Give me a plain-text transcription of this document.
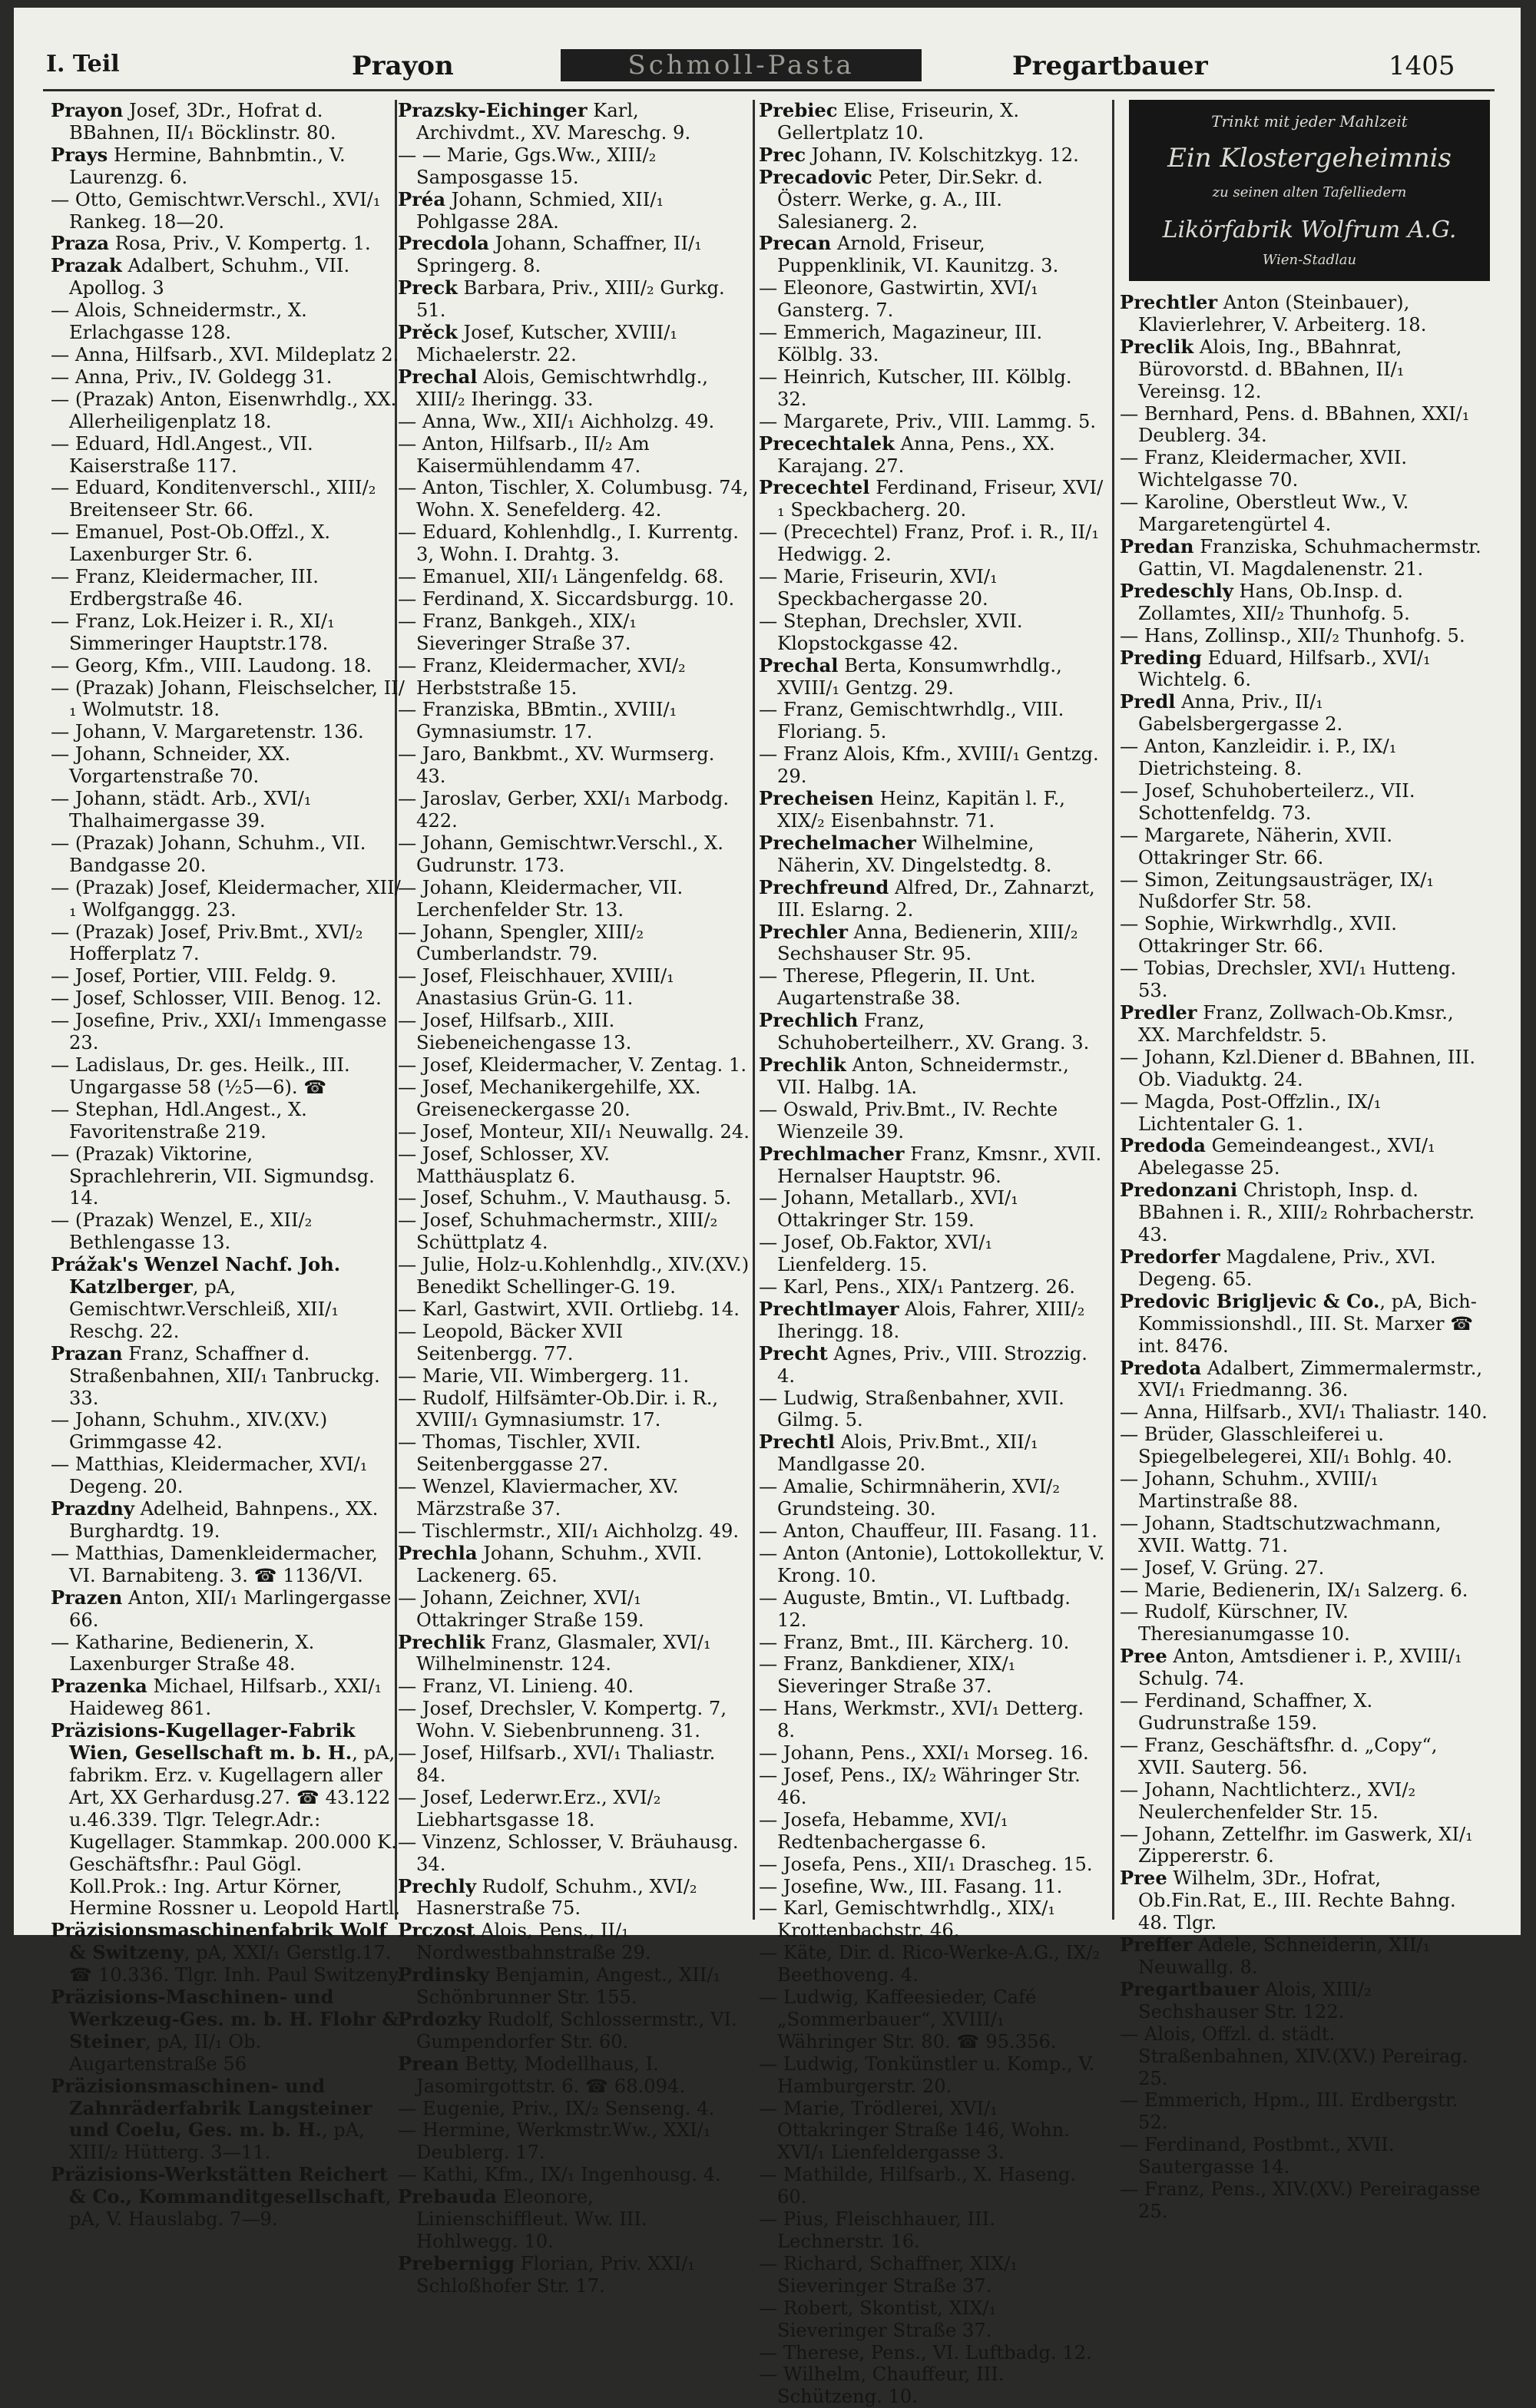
I. Teil	Prayon	Schmoll-Pasta	Pregartbauer	1405

Prayon Josef, 3Dr., Hofrat d. BBahnen, II/₁ Böcklinstr. 80.

Prays Hermine, Bahnbmtin., V. Laurenzg. 6.

— Otto, Gemischtwr.Verschl., XVI/₁ Rankeg. 18—20.

Praza Rosa, Priv., V. Kompertg. 1.

Prazak Adalbert, Schuhm., VII. Apollog. 3

— Alois, Schneidermstr., X. Erlachgasse 128.

— Anna, Hilfsarb., XVI. Mildeplatz 2.

— Anna, Priv., IV. Goldegg 31.

— (Prazak) Anton, Eisenwrhdlg., XX. Allerheiligenplatz 18.

— Eduard, Hdl.Angest., VII. Kaiserstraße 117.

— Eduard, Konditenverschl., XIII/₂ Breitenseer Str. 66.

— Emanuel, Post-Ob.Offzl., X. Laxenburger Str. 6.

— Franz, Kleidermacher, III. Erdbergstraße 46.

— Franz, Lok.Heizer i. R., XI/₁ Simmeringer Hauptstr.178.

— Georg, Kfm., VIII. Laudong. 18.

— (Prazak) Johann, Fleischselcher, II/₁ Wolmutstr. 18.

— Johann, V. Margaretenstr. 136.

— Johann, Schneider, XX. Vorgartenstraße 70.

— Johann, städt. Arb., XVI/₁ Thalhaimergasse 39.

— (Prazak) Johann, Schuhm., VII. Bandgasse 20.

— (Prazak) Josef, Kleidermacher, XII/₁ Wolfganggg. 23.

— (Prazak) Josef, Priv.Bmt., XVI/₂ Hofferplatz 7.

— Josef, Portier, VIII. Feldg. 9.

— Josef, Schlosser, VIII. Benog. 12.

— Josefine, Priv., XXI/₁ Immengasse 23.

— Ladislaus, Dr. ges. Heilk., III. Ungargasse 58 (½5—6). ☎

— Stephan, Hdl.Angest., X. Favoritenstraße 219.

— (Prazak) Viktorine, Sprachlehrerin, VII. Sigmundsg. 14.

— (Prazak) Wenzel, E., XII/₂ Bethlengasse 13.

Prážak's Wenzel Nachf. Joh. Katzlberger, pA, Gemischtwr.Verschleiß, XII/₁ Reschg. 22.

Prazan Franz, Schaffner d. Straßenbahnen, XII/₁ Tanbruckg. 33.

— Johann, Schuhm., XIV.(XV.) Grimmgasse 42.

— Matthias, Kleidermacher, XVI/₁ Degeng. 20.

Prazdny Adelheid, Bahnpens., XX. Burghardtg. 19.

— Matthias, Damenkleidermacher, VI. Barnabiteng. 3. ☎ 1136/VI.

Prazen Anton, XII/₁ Marlingergasse 66.

— Katharine, Bedienerin, X. Laxenburger Straße 48.

Prazenka Michael, Hilfsarb., XXI/₁ Haideweg 861.

Präzisions-Kugellager-Fabrik Wien, Gesellschaft m. b. H., pA, fabrikm. Erz. v. Kugellagern aller Art, XX Gerhardusg.27. ☎ 43.122 u.46.339. Tlgr. Telegr.Adr.: Kugellager. Stammkap. 200.000 K. Geschäftsfhr.: Paul Gögl. Koll.Prok.: Ing. Artur Körner, Hermine Rossner u. Leopold Hartl.

Präzisionsmaschinenfabrik Wolf & Switzeny, pA, XXI/₁ Gerstlg.17. ☎ 10.336. Tlgr. Inh. Paul Switzeny.

Präzisions-Maschinen- und Werkzeug-Ges. m. b. H. Flohr & Steiner, pA, II/₁ Ob. Augartenstraße 56

Präzisionsmaschinen- und Zahnräderfabrik Langsteiner und Coelu, Ges. m. b. H., pA, XIII/₂ Hütterg. 3—11.

Präzisions-Werkstätten Reichert & Co., Kommanditgesellschaft, pA, V. Hauslabg. 7—9.

Prazsky-Eichinger Karl, Archivdmt., XV. Mareschg. 9.

— — Marie, Ggs.Ww., XIII/₂ Samposgasse 15.

Préa Johann, Schmied, XII/₁ Pohlgasse 28A.

Precdola Johann, Schaffner, II/₁ Springerg. 8.

Preck Barbara, Priv., XIII/₂ Gurkg. 51.

Prěck Josef, Kutscher, XVIII/₁ Michaelerstr. 22.

Prechal Alois, Gemischtwrhdlg., XIII/₂ Iheringg. 33.

— Anna, Ww., XII/₁ Aichholzg. 49.

— Anton, Hilfsarb., II/₂ Am Kaisermühlendamm 47.

— Anton, Tischler, X. Columbusg. 74, Wohn. X. Senefelderg. 42.

— Eduard, Kohlenhdlg., I. Kurrentg. 3, Wohn. I. Drahtg. 3.

— Emanuel, XII/₁ Längenfeldg. 68.

— Ferdinand, X. Siccardsburgg. 10.

— Franz, Bankgeh., XIX/₁ Sieveringer Straße 37.

— Franz, Kleidermacher, XVI/₂ Herbststraße 15.

— Franziska, BBmtin., XVIII/₁ Gymnasiumstr. 17.

— Jaro, Bankbmt., XV. Wurmserg. 43.

— Jaroslav, Gerber, XXI/₁ Marbodg. 422.

— Johann, Gemischtwr.Verschl., X. Gudrunstr. 173.

— Johann, Kleidermacher, VII. Lerchenfelder Str. 13.

— Johann, Spengler, XIII/₂ Cumberlandstr. 79.

— Josef, Fleischhauer, XVIII/₁ Anastasius Grün-G. 11.

— Josef, Hilfsarb., XIII. Siebeneichengasse 13.

— Josef, Kleidermacher, V. Zentag. 1.

— Josef, Mechanikergehilfe, XX. Greiseneckergasse 20.

— Josef, Monteur, XII/₁ Neuwallg. 24.

— Josef, Schlosser, XV. Matthäusplatz 6.

— Josef, Schuhm., V. Mauthausg. 5.

— Josef, Schuhmachermstr., XIII/₂ Schüttplatz 4.

— Julie, Holz-u.Kohlenhdlg., XIV.(XV.) Benedikt Schellinger-G. 19.

— Karl, Gastwirt, XVII. Ortliebg. 14.

— Leopold, Bäcker XVII Seitenbergg. 77.

— Marie, VII. Wimbergerg. 11.

— Rudolf, Hilfsämter-Ob.Dir. i. R., XVIII/₁ Gymnasiumstr. 17.

— Thomas, Tischler, XVII. Seitenberggasse 27.

— Wenzel, Klaviermacher, XV. Märzstraße 37.

— Tischlermstr., XII/₁ Aichholzg. 49.

Prechla Johann, Schuhm., XVII. Lackenerg. 65.

— Johann, Zeichner, XVI/₁ Ottakringer Straße 159.

Prechlik Franz, Glasmaler, XVI/₁ Wilhelminenstr. 124.

— Franz, VI. Linieng. 40.

— Josef, Drechsler, V. Kompertg. 7, Wohn. V. Siebenbrunneng. 31.

— Josef, Hilfsarb., XVI/₁ Thaliastr. 84.

— Josef, Lederwr.Erz., XVI/₂ Liebhartsgasse 18.

— Vinzenz, Schlosser, V. Bräuhausg. 34.

Prechly Rudolf, Schuhm., XVI/₂ Hasnerstraße 75.

Prczost Alois, Pens., II/₁ Nordwestbahnstraße 29.

Prdinsky Benjamin, Angest., XII/₁ Schönbrunner Str. 155.

Prdozky Rudolf, Schlossermstr., VI. Gumpendorfer Str. 60.

Prean Betty, Modellhaus, I. Jasomirgottstr. 6. ☎ 68.094.

— Eugenie, Priv., IX/₂ Senseng. 4.

— Hermine, Werkmstr.Ww., XXI/₁ Deublerg. 17.

— Kathi, Kfm., IX/₁ Ingenhousg. 4.

Prebauda Eleonore, Linienschiffleut. Ww. III. Hohlwegg. 10.

Prebernigg Florian, Priv. XXI/₁ Schloßhofer Str. 17.

Prebiec Elise, Friseurin, X. Gellertplatz 10.

Prec Johann, IV. Kolschitzkyg. 12.

Precadovic Peter, Dir.Sekr. d. Österr. Werke, g. A., III. Salesianerg. 2.

Precan Arnold, Friseur, Puppenklinik, VI. Kaunitzg. 3.

— Eleonore, Gastwirtin, XVI/₁ Gansterg. 7.

— Emmerich, Magazineur, III. Kölblg. 33.

— Heinrich, Kutscher, III. Kölblg. 32.

— Margarete, Priv., VIII. Lammg. 5.

Precechtalek Anna, Pens., XX. Karajang. 27.

Precechtel Ferdinand, Friseur, XVI/₁ Speckbacherg. 20.

— (Precechtel) Franz, Prof. i. R., II/₁ Hedwigg. 2.

— Marie, Friseurin, XVI/₁ Speckbachergasse 20.

— Stephan, Drechsler, XVII. Klopstockgasse 42.

Prechal Berta, Konsumwrhdlg., XVIII/₁ Gentzg. 29.

— Franz, Gemischtwrhdlg., VIII. Floriang. 5.

— Franz Alois, Kfm., XVIII/₁ Gentzg. 29.

Precheisen Heinz, Kapitän l. F., XIX/₂ Eisenbahnstr. 71.

Prechelmacher Wilhelmine, Näherin, XV. Dingelstedtg. 8.

Prechfreund Alfred, Dr., Zahnarzt, III. Eslarng. 2.

Prechler Anna, Bedienerin, XIII/₂ Sechshauser Str. 95.

— Therese, Pflegerin, II. Unt. Augartenstraße 38.

Prechlich Franz, Schuhoberteilherr., XV. Grang. 3.

Prechlik Anton, Schneidermstr., VII. Halbg. 1A.

— Oswald, Priv.Bmt., IV. Rechte Wienzeile 39.

Prechlmacher Franz, Kmsnr., XVII. Hernalser Hauptstr. 96.

— Johann, Metallarb., XVI/₁ Ottakringer Str. 159.

— Josef, Ob.Faktor, XVI/₁ Lienfelderg. 15.

— Karl, Pens., XIX/₁ Pantzerg. 26.

Prechtlmayer Alois, Fahrer, XIII/₂ Iheringg. 18.

Precht Agnes, Priv., VIII. Strozzig. 4.

— Ludwig, Straßenbahner, XVII. Gilmg. 5.

Prechtl Alois, Priv.Bmt., XII/₁ Mandlgasse 20.

— Amalie, Schirmnäherin, XVI/₂ Grundsteing. 30.

— Anton, Chauffeur, III. Fasang. 11.

— Anton (Antonie), Lottokollektur, V. Krong. 10.

— Auguste, Bmtin., VI. Luftbadg. 12.

— Franz, Bmt., III. Kärcherg. 10.

— Franz, Bankdiener, XIX/₁ Sieveringer Straße 37.

— Hans, Werkmstr., XVI/₁ Detterg. 8.

— Johann, Pens., XXI/₁ Morseg. 16.

— Josef, Pens., IX/₂ Währinger Str. 46.

— Josefa, Hebamme, XVI/₁ Redtenbachergasse 6.

— Josefa, Pens., XII/₁ Drascheg. 15.

— Josefine, Ww., III. Fasang. 11.

— Karl, Gemischtwrhdlg., XIX/₁ Krottenbachstr. 46.

— Käte, Dir. d. Rico-Werke-A.G., IX/₂ Beethoveng. 4.

— Ludwig, Kaffeesieder, Café „Sommerbauer“, XVIII/₁ Währinger Str. 80. ☎ 95.356.

— Ludwig, Tonkünstler u. Komp., V. Hamburgerstr. 20.

— Marie, Trödlerei, XVI/₁ Ottakringer Straße 146, Wohn. XVI/₁ Lienfeldergasse 3.

— Mathilde, Hilfsarb., X. Haseng. 60.

— Pius, Fleischhauer, III. Lechnerstr. 16.

— Richard, Schaffner, XIX/₁ Sieveringer Straße 37.

— Robert, Skontist, XIX/₁ Sieveringer Straße 37.

— Therese, Pens., VI. Luftbadg. 12.

— Wilhelm, Chauffeur, III. Schützeng. 10.

Trinkt mit jeder Mahlzeit
Ein Klostergeheimnis
zu seinen alten Tafelliedern
Likörfabrik Wolfrum A.G.
Wien-Stadlau

Prechtler Anton (Steinbauer), Klavierlehrer, V. Arbeiterg. 18.

Preclik Alois, Ing., BBahnrat, Bürovorstd. d. BBahnen, II/₁ Vereinsg. 12.

— Bernhard, Pens. d. BBahnen, XXI/₁ Deublerg. 34.

— Franz, Kleidermacher, XVII. Wichtelgasse 70.

— Karoline, Oberstleut Ww., V. Margaretengürtel 4.

Predan Franziska, Schuhmachermstr. Gattin, VI. Magdalenenstr. 21.

Predeschly Hans, Ob.Insp. d. Zollamtes, XII/₂ Thunhofg. 5.

— Hans, Zollinsp., XII/₂ Thunhofg. 5.

Preding Eduard, Hilfsarb., XVI/₁ Wichtelg. 6.

Predl Anna, Priv., II/₁ Gabelsbergergasse 2.

— Anton, Kanzleidir. i. P., IX/₁ Dietrichsteing. 8.

— Josef, Schuhoberteilerz., VII. Schottenfeldg. 73.

— Margarete, Näherin, XVII. Ottakringer Str. 66.

— Simon, Zeitungsausträger, IX/₁ Nußdorfer Str. 58.

— Sophie, Wirkwrhdlg., XVII. Ottakringer Str. 66.

— Tobias, Drechsler, XVI/₁ Hutteng. 53.

Predler Franz, Zollwach-Ob.Kmsr., XX. Marchfeldstr. 5.

— Johann, Kzl.Diener d. BBahnen, III. Ob. Viaduktg. 24.

— Magda, Post-Offzlin., IX/₁ Lichtentaler G. 1.

Predoda Gemeindeangest., XVI/₁ Abelegasse 25.

Predonzani Christoph, Insp. d. BBahnen i. R., XIII/₂ Rohrbacherstr. 43.

Predorfer Magdalene, Priv., XVI. Degeng. 65.

Predovic Brigljevic & Co., pA, Bich-Kommissionshdl., III. St. Marxer ☎ int. 8476.

Predota Adalbert, Zimmermalermstr., XVI/₁ Friedmanng. 36.

— Anna, Hilfsarb., XVI/₁ Thaliastr. 140.

— Brüder, Glasschleiferei u. Spiegelbelegerei, XII/₁ Bohlg. 40.

— Johann, Schuhm., XVIII/₁ Martinstraße 88.

— Johann, Stadtschutzwachmann, XVII. Wattg. 71.

— Josef, V. Grüng. 27.

— Marie, Bedienerin, IX/₁ Salzerg. 6.

— Rudolf, Kürschner, IV. Theresianumgasse 10.

Pree Anton, Amtsdiener i. P., XVIII/₁ Schulg. 74.

— Ferdinand, Schaffner, X. Gudrunstraße 159.

— Franz, Geschäftsfhr. d. „Copy“, XVII. Sauterg. 56.

— Johann, Nachtlichterz., XVI/₂ Neulerchenfelder Str. 15.

— Johann, Zettelfhr. im Gaswerk, XI/₁ Zippererstr. 6.

Pree Wilhelm, 3Dr., Hofrat, Ob.Fin.Rat, E., III. Rechte Bahng. 48. Tlgr.

Preffer Adele, Schneiderin, XII/₁ Neuwallg. 8.

Pregartbauer Alois, XIII/₂ Sechshauser Str. 122.

— Alois, Offzl. d. städt. Straßenbahnen, XIV.(XV.) Pereirag. 25.

— Emmerich, Hpm., III. Erdbergstr. 52.

— Ferdinand, Postbmt., XVII. Sautergasse 14.

— Franz, Pens., XIV.(XV.) Pereiragasse 25.
